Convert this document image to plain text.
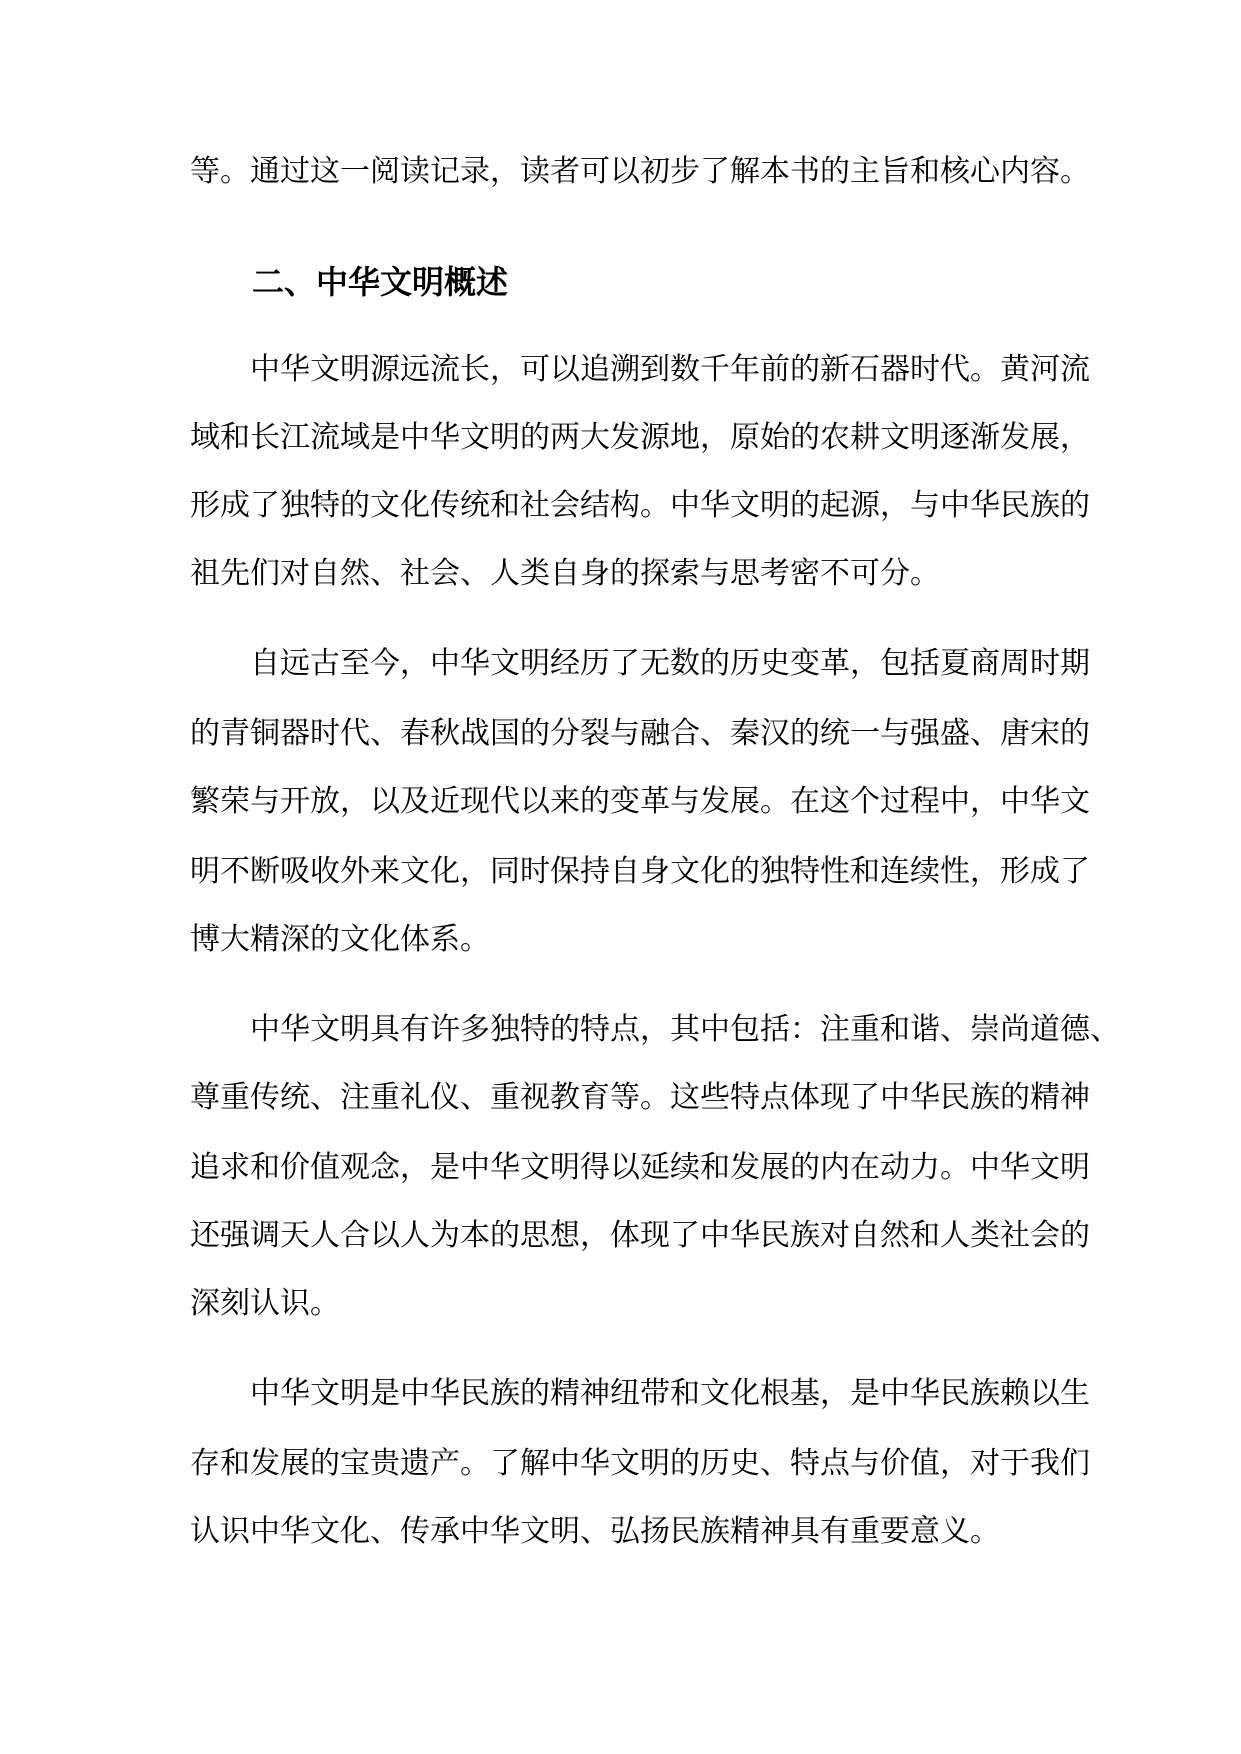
等。通过这一阅读记录，读者可以初步了解本书的主旨和核心内容。
二、中华文明概述
中华文明源远流长，可以追溯到数千年前的新石器时代。黄河流
域和长江流域是中华文明的两大发源地，原始的农耕文明逐渐发展，
形成了独特的文化传统和社会结构。中华文明的起源，与中华民族的
祖先们对自然、社会、人类自身的探索与思考密不可分。
自远古至今，中华文明经历了无数的历史变革，包括夏商周时期
的青铜器时代、春秋战国的分裂与融合、秦汉的统一与强盛、唐宋的
繁荣与开放，以及近现代以来的变革与发展。在这个过程中，中华文
明不断吸收外来文化，同时保持自身文化的独特性和连续性，形成了
博大精深的文化体系。
中华文明具有许多独特的特点，其中包括：注重和谐、崇尚道德、
尊重传统、注重礼仪、重视教育等。这些特点体现了中华民族的精神
追求和价值观念，是中华文明得以延续和发展的内在动力。中华文明
还强调天人合以人为本的思想，体现了中华民族对自然和人类社会的
深刻认识。
中华文明是中华民族的精神纽带和文化根基，是中华民族赖以生
存和发展的宝贵遗产。了解中华文明的历史、特点与价值，对于我们
认识中华文化、传承中华文明、弘扬民族精神具有重要意义。
